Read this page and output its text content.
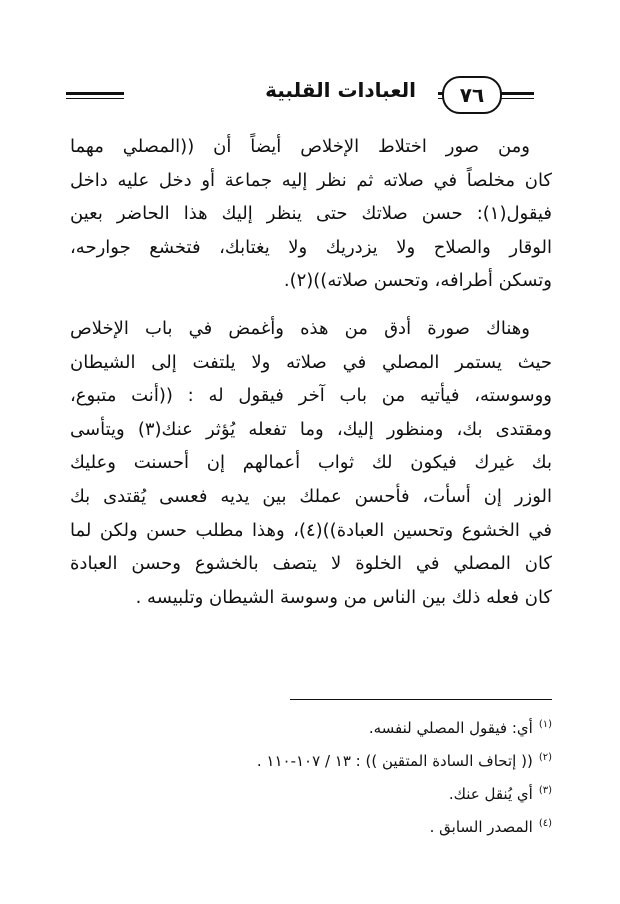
العبادات القلبية	٧٦

ومن صور اختلاط الإخلاص أيضاً أن ((المصلي مهما
كان مخلصاً في صلاته ثم نظر إليه جماعة أو دخل عليه داخل
فيقول(١): حسن صلاتك حتى ينظر إليك هذا الحاضر بعين
الوقار والصلاح ولا يزدريك ولا يغتابك، فتخشع جوارحه،
وتسكن أطرافه، وتحسن صلاته))(٢).

وهناك صورة أدق من هذه وأغمض في باب الإخلاص
حيث يستمر المصلي في صلاته ولا يلتفت إلى الشيطان
ووسوسته، فيأتيه من باب آخر فيقول له : ((أنت متبوع،
ومقتدى بك، ومنظور إليك، وما تفعله يُؤثر عنك(٣) ويتأسى
بك غيرك فيكون لك ثواب أعمالهم إن أحسنت وعليك
الوزر إن أسأت، فأحسن عملك بين يديه فعسى يُقتدى بك
في الخشوع وتحسين العبادة))(٤)، وهذا مطلب حسن ولكن لما
كان المصلي في الخلوة لا يتصف بالخشوع وحسن العبادة
كان فعله ذلك بين الناس من وسوسة الشيطان وتلبيسه .

$^{(١)}$أي: فيقول المصلي لنفسه.
$^{(٢)}$(( إتحاف السادة المتقين )) : ١٣ / ١٠٧-١١٠ .
$^{(٣)}$أي يُنقل عنك.
$^{(٤)}$المصدر السابق .
